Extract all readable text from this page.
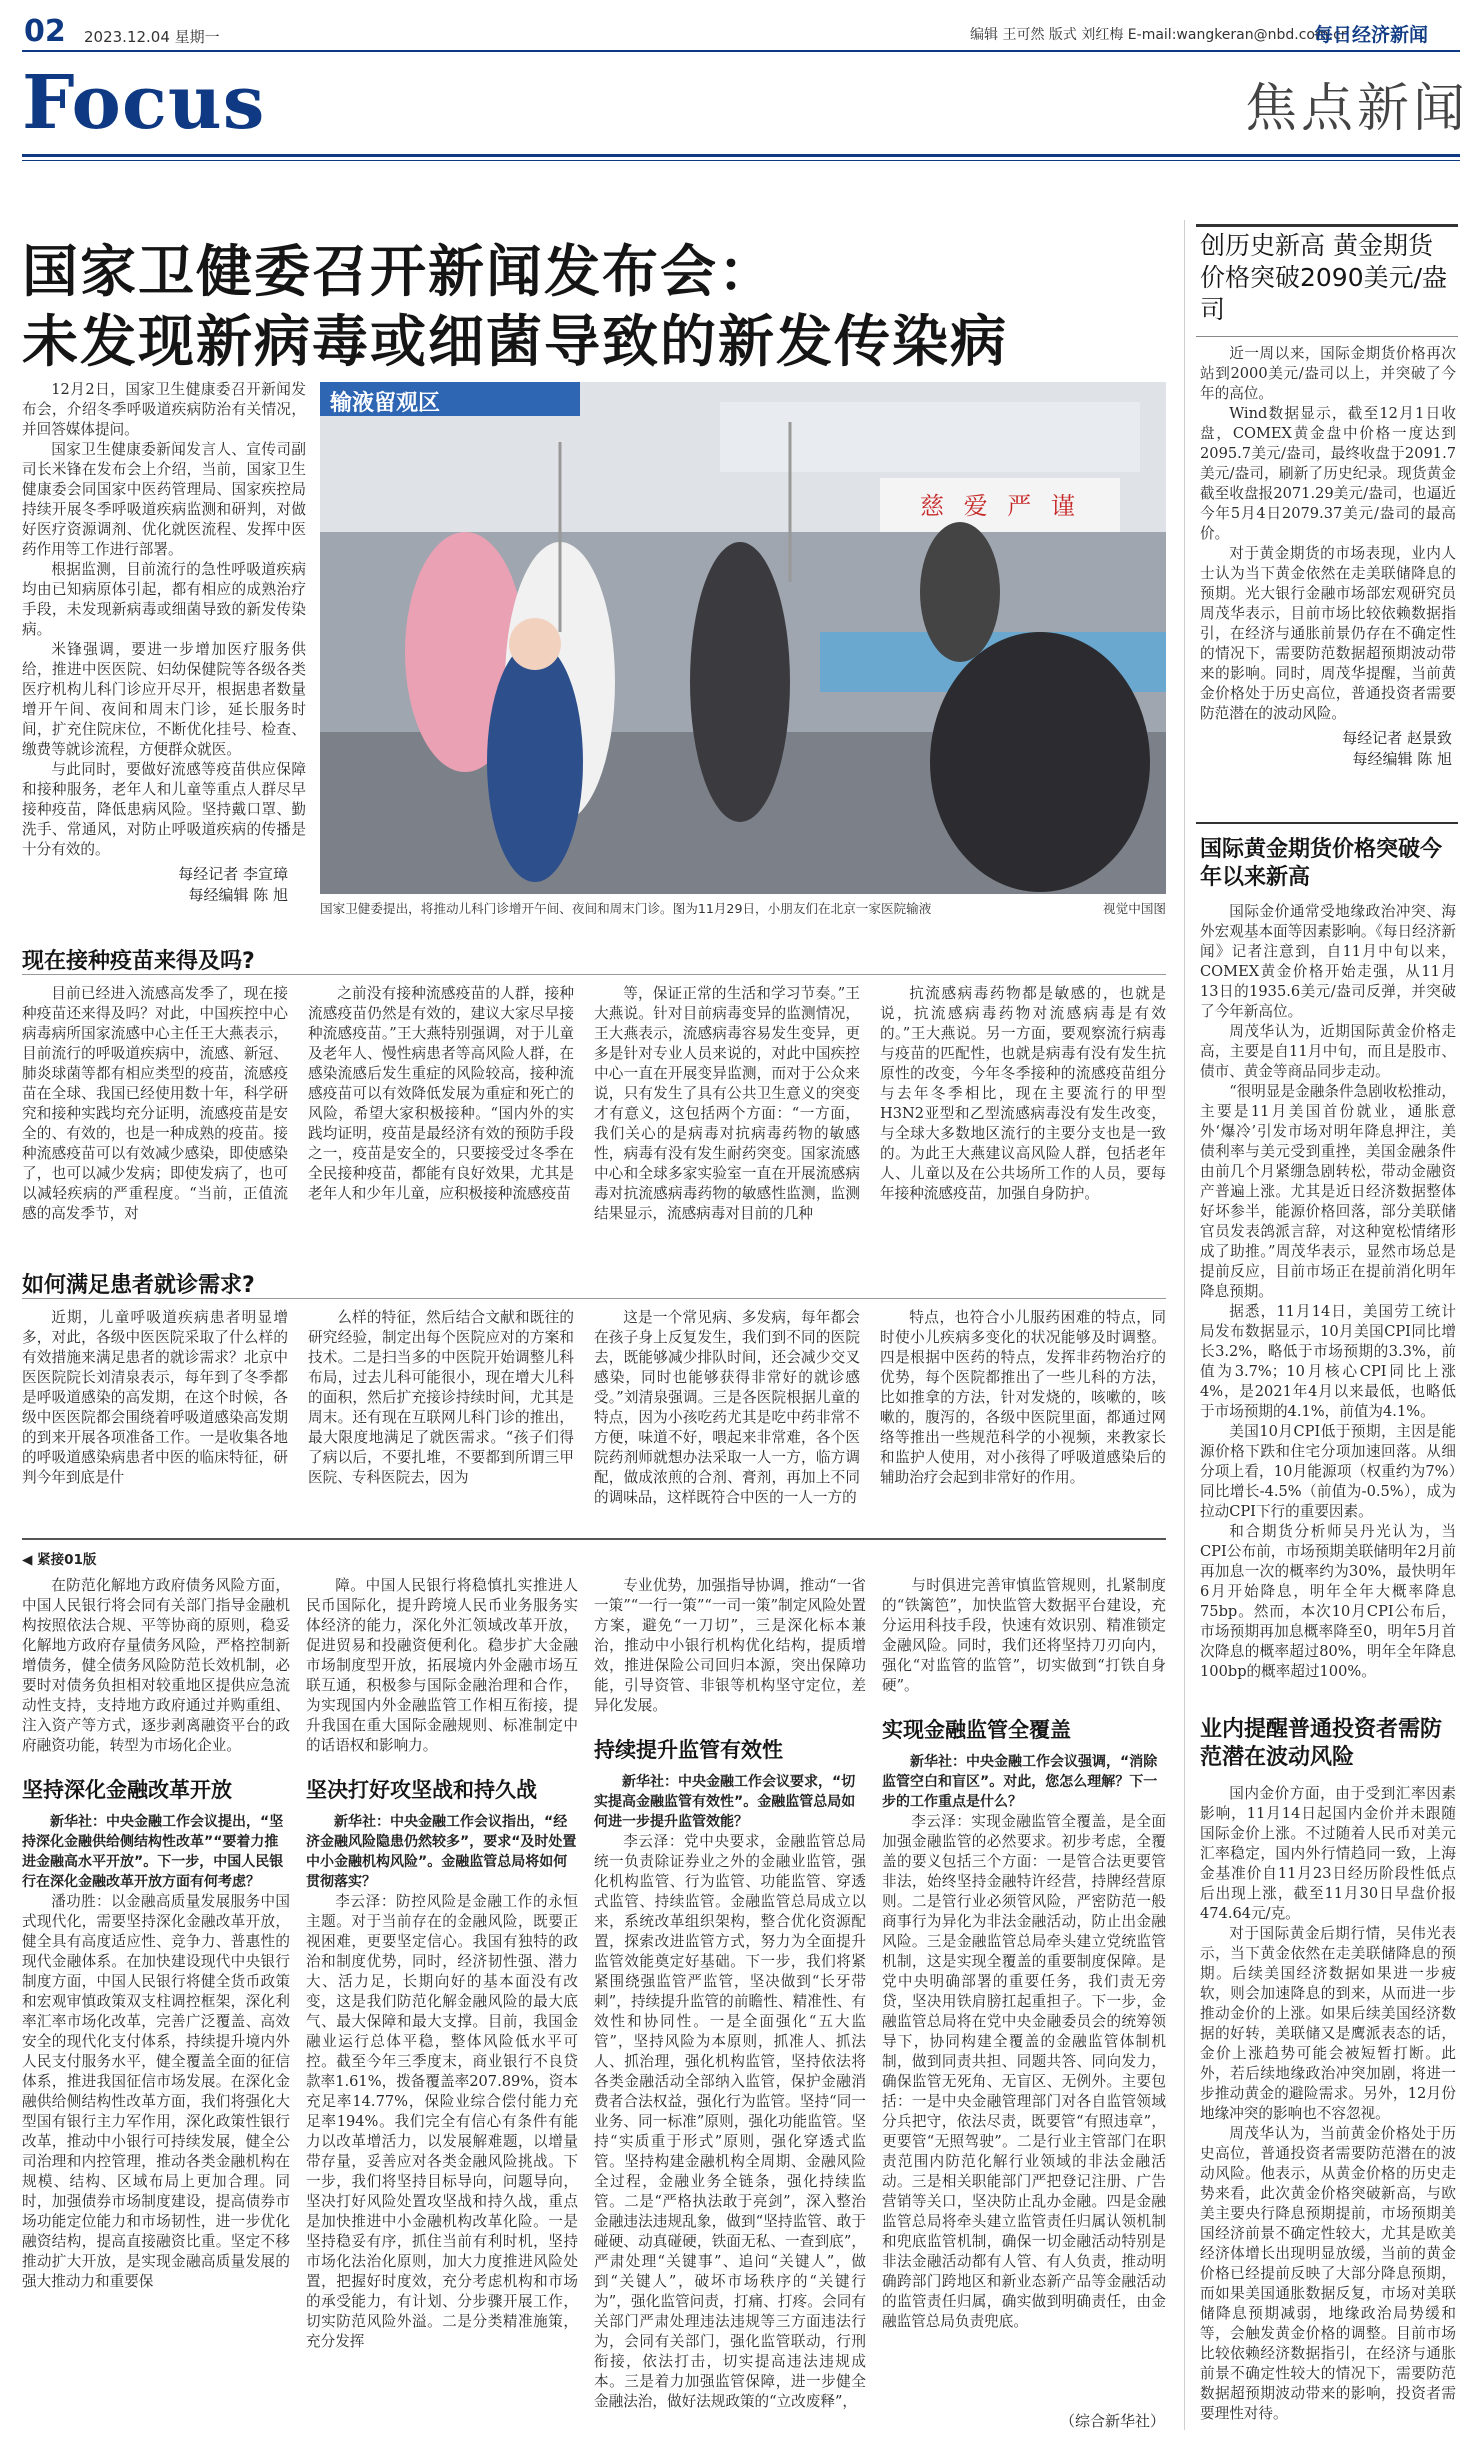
02 2023.12.04 星期一	编辑 王可然 版式 刘红梅 E-mail:wangkeran@nbd.com.cn
每日经济新闻
Focus	焦点新闻
国家卫健委召开新闻发布会：
未发现新病毒或细菌导致的新发传染病

12月2日，国家卫生健康委召开新闻发布会，介绍冬季呼吸道疾病防治有关情况，并回答媒体提问。

国家卫生健康委新闻发言人、宣传司副司长米锋在发布会上介绍，当前，国家卫生健康委会同国家中医药管理局、国家疾控局持续开展冬季呼吸道疾病监测和研判，对做好医疗资源调剂、优化就医流程、发挥中医药作用等工作进行部署。

根据监测，目前流行的急性呼吸道疾病均由已知病原体引起，都有相应的成熟治疗手段，未发现新病毒或细菌导致的新发传染病。

米锋强调，要进一步增加医疗服务供给，推进中医医院、妇幼保健院等各级各类医疗机构儿科门诊应开尽开，根据患者数量增开午间、夜间和周末门诊，延长服务时间，扩充住院床位，不断优化挂号、检查、缴费等就诊流程，方便群众就医。

与此同时，要做好流感等疫苗供应保障和接种服务，老年人和儿童等重点人群尽早接种疫苗，降低患病风险。坚持戴口罩、勤洗手、常通风，对防止呼吸道疾病的传播是十分有效的。

每经记者 李宣璋
每经编辑 陈 旭
输液留观区
慈 爱 严 谨
国家卫健委提出，将推动儿科门诊增开午间、夜间和周末门诊。图为11月29日，小朋友们在北京一家医院输液	视觉中国图
现在接种疫苗来得及吗?

目前已经进入流感高发季了，现在接种疫苗还来得及吗？对此，中国疾控中心病毒病所国家流感中心主任王大燕表示，目前流行的呼吸道疾病中，流感、新冠、肺炎球菌等都有相应类型的疫苗，流感疫苗在全球、我国已经使用数十年，科学研究和接种实践均充分证明，流感疫苗是安全的、有效的，也是一种成熟的疫苗。接种流感疫苗可以有效减少感染，即使感染了，也可以减少发病；即使发病了，也可以减轻疾病的严重程度。“当前，正值流感的高发季节，对

之前没有接种流感疫苗的人群，接种流感疫苗仍然是有效的，建议大家尽早接种流感疫苗。”王大燕特别强调，对于儿童及老年人、慢性病患者等高风险人群，在感染流感后发生重症的风险较高，接种流感疫苗可以有效降低发展为重症和死亡的风险，希望大家积极接种。“国内外的实践均证明，疫苗是最经济有效的预防手段之一，疫苗是安全的，只要接受过冬季在全民接种疫苗，都能有良好效果，尤其是老年人和少年儿童，应积极接种流感疫苗

等，保证正常的生活和学习节奏。”王大燕说。针对目前病毒变异的监测情况，王大燕表示，流感病毒容易发生变异，更多是针对专业人员来说的，对此中国疾控中心一直在开展变异监测，而对于公众来说，只有发生了具有公共卫生意义的突变才有意义，这包括两个方面：“一方面，我们关心的是病毒对抗病毒药物的敏感性，病毒有没有发生耐药突变。国家流感中心和全球多家实验室一直在开展流感病毒对抗流感病毒药物的敏感性监测，监测结果显示，流感病毒对目前的几种

抗流感病毒药物都是敏感的，也就是说，抗流感病毒药物对流感病毒是有效的。”王大燕说。另一方面，要观察流行病毒与疫苗的匹配性，也就是病毒有没有发生抗原性的改变，今年冬季接种的流感疫苗组分与去年冬季相比，现在主要流行的甲型H3N2亚型和乙型流感病毒没有发生改变，与全球大多数地区流行的主要分支也是一致的。为此王大燕建议高风险人群，包括老年人、儿童以及在公共场所工作的人员，要每年接种流感疫苗，加强自身防护。

如何满足患者就诊需求?

近期，儿童呼吸道疾病患者明显增多，对此，各级中医医院采取了什么样的有效措施来满足患者的就诊需求？北京中医医院院长刘清泉表示，每年到了冬季都是呼吸道感染的高发期，在这个时候，各级中医医院都会围绕着呼吸道感染高发期的到来开展各项准备工作。一是收集各地的呼吸道感染病患者中医的临床特征，研判今年到底是什

么样的特征，然后结合文献和既往的研究经验，制定出每个医院应对的方案和技术。二是扫当多的中医院开始调整儿科布局，过去儿科可能很小，现在增大儿科的面积，然后扩充接诊持续时间，尤其是周末。还有现在互联网儿科门诊的推出，最大限度地满足了就医需求。“孩子们得了病以后，不要扎堆，不要都到所谓三甲医院、专科医院去，因为

这是一个常见病、多发病，每年都会在孩子身上反复发生，我们到不同的医院去，既能够减少排队时间，还会减少交叉感染，同时也能够获得非常好的就诊感受。”刘清泉强调。三是各医院根据儿童的特点，因为小孩吃药尤其是吃中药非常不方便，味道不好，喂起来非常难，各个医院药剂师就想办法采取一人一方，临方调配，做成浓煎的合剂、膏剂，再加上不同的调味品，这样既符合中医的一人一方的

特点，也符合小儿服药困难的特点，同时使小儿疾病多变化的状况能够及时调整。四是根据中医药的特点，发挥非药物治疗的优势，每个医院都推出了一些儿科的方法，比如推拿的方法，针对发烧的，咳嗽的，咳嗽的，腹泻的，各级中医院里面，都通过网络等推出一些规范科学的小视频，来教家长和监护人使用，对小孩得了呼吸道感染后的辅助治疗会起到非常好的作用。

◀ 紧接01版

在防范化解地方政府债务风险方面，中国人民银行将会同有关部门指导金融机构按照依法合规、平等协商的原则，稳妥化解地方政府存量债务风险，严格控制新增债务，健全债务风险防范长效机制，必要时对债务负担相对较重地区提供应急流动性支持，支持地方政府通过并购重组、注入资产等方式，逐步剥离融资平台的政府融资功能，转型为市场化企业。

坚持深化金融改革开放
新华社：中央金融工作会议提出，“坚持深化金融供给侧结构性改革”“要着力推进金融高水平开放”。下一步，中国人民银行在深化金融改革开放方面有何考虑？

潘功胜：以金融高质量发展服务中国式现代化，需要坚持深化金融改革开放，健全具有高度适应性、竞争力、普惠性的现代金融体系。在加快建设现代中央银行制度方面，中国人民银行将健全货币政策和宏观审慎政策双支柱调控框架，深化利率汇率市场化改革，完善广泛覆盖、高效安全的现代化支付体系，持续提升境内外人民支付服务水平，健全覆盖全面的征信体系，推进我国征信市场发展。在深化金融供给侧结构性改革方面，我们将强化大型国有银行主力军作用，深化政策性银行改革，推动中小银行可持续发展，健全公司治理和内控管理，推动各类金融机构在规模、结构、区域布局上更加合理。同时，加强债券市场制度建设，提高债券市场功能定位能力和市场韧性，进一步优化融资结构，提高直接融资比重。坚定不移推动扩大开放，是实现金融高质量发展的强大推动力和重要保

障。中国人民银行将稳慎扎实推进人民币国际化，提升跨境人民币业务服务实体经济的能力，深化外汇领域改革开放，促进贸易和投融资便利化。稳步扩大金融市场制度型开放，拓展境内外金融市场互联互通，积极参与国际金融治理和合作，为实现国内外金融监管工作相互衔接，提升我国在重大国际金融规则、标准制定中的话语权和影响力。

坚决打好攻坚战和持久战
新华社：中央金融工作会议指出，“经济金融风险隐患仍然较多”，要求“及时处置中小金融机构风险”。金融监管总局将如何贯彻落实？

李云泽：防控风险是金融工作的永恒主题。对于当前存在的金融风险，既要正视困难，更要坚定信心。我国有独特的政治和制度优势，同时，经济韧性强、潜力大、活力足，长期向好的基本面没有改变，这是我们防范化解金融风险的最大底气、最大保障和最大支撑。目前，我国金融业运行总体平稳，整体风险低水平可控。截至今年三季度末，商业银行不良贷款率1.61%，拨备覆盖率207.89%，资本充足率14.77%，保险业综合偿付能力充足率194%。我们完全有信心有条件有能力以改革增活力，以发展解难题，以增量带存量，妥善应对各类金融风险挑战。下一步，我们将坚持目标导向，问题导向，坚决打好风险处置攻坚战和持久战，重点是加快推进中小金融机构改革化险。一是坚持稳妥有序，抓住当前有利时机，坚持市场化法治化原则，加大力度推进风险处置，把握好时度效，充分考虑机构和市场的承受能力，有计划、分步骤开展工作，切实防范风险外溢。二是分类精准施策，充分发挥

专业优势，加强指导协调，推动“一省一策”“一行一策”“一司一策”制定风险处置方案，避免“一刀切”，三是深化标本兼治，推动中小银行机构优化结构，提质增效，推进保险公司回归本源，突出保障功能，引导资管、非银等机构坚守定位，差异化发展。

持续提升监管有效性
新华社：中央金融工作会议要求，“切实提高金融监管有效性”。金融监管总局如何进一步提升监管效能？

李云泽：党中央要求，金融监管总局统一负责除证券业之外的金融业监管，强化机构监管、行为监管、功能监管、穿透式监管、持续监管。金融监管总局成立以来，系统改革组织架构，整合优化资源配置，探索改进监管方式，努力为全面提升监管效能奠定好基础。下一步，我们将紧紧围绕强监管严监管，坚决做到“长牙带刺”，持续提升监管的前瞻性、精准性、有效性和协同性。一是全面强化“五大监管”，坚持风险为本原则，抓准人、抓法人、抓治理，强化机构监管，坚持依法将各类金融活动全部纳入监管，保护金融消费者合法权益，强化行为监管。坚持“同一业务、同一标准”原则，强化功能监管。坚持“实质重于形式”原则，强化穿透式监管。坚持构建金融机构全周期、金融风险全过程，金融业务全链条，强化持续监管。二是“严格执法敢于亮剑”，深入整治金融违法违规乱象，做到“坚持监管、敢于碰硬、动真碰硬，铁面无私、一查到底”，严肃处理“关键事”、追问“关键人”，做到“关键人”，破坏市场秩序的“关键行为”，强化监管问责，打痛、打疼。会同有关部门严肃处理违法违规等三方面违法行为，会同有关部门，强化监管联动，行刑衔接，依法打击，切实提高违法违规成本。三是着力加强监管保障，进一步健全金融法治，做好法规政策的“立改废释”，

与时俱进完善审慎监管规则，扎紧制度的“铁篱笆”，加快监管大数据平台建设，充分运用科技手段，快速有效识别、精准锁定金融风险。同时，我们还将坚持刀刃向内，强化“对监管的监管”，切实做到“打铁自身硬”。

实现金融监管全覆盖
新华社：中央金融工作会议强调，“消除监管空白和盲区”。对此，您怎么理解？下一步的工作重点是什么？

李云泽：实现金融监管全覆盖，是全面加强金融监管的必然要求。初步考虑，全覆盖的要义包括三个方面：一是管合法更要管非法，始终坚持金融特许经营，持牌经营原则。二是管行业必须管风险，严密防范一般商事行为异化为非法金融活动，防止出金融风险。三是金融监管总局牵头建立党统监管机制，这是实现全覆盖的重要制度保障。是党中央明确部署的重要任务，我们责无旁贷，坚决用铁肩膀扛起重担子。下一步，金融监管总局将在党中央金融委员会的统筹领导下，协同构建全覆盖的金融监管体制机制，做到同责共担、同题共答、同向发力，确保监管无死角、无盲区、无例外。主要包括：一是中央金融管理部门对各自监管领域分兵把守，依法尽责，既要管“有照违章”，更要管“无照驾驶”。二是行业主管部门在职责范围内防范化解行业领域的非法金融活动。三是相关职能部门严把登记注册、广告营销等关口，坚决防止乱办金融。四是金融监管总局将牵头建立监管责任归属认领机制和兜底监管机制，确保一切金融活动特别是非法金融活动都有人管、有人负责，推动明确跨部门跨地区和新业态新产品等金融活动的监管责任归属，确实做到明确责任，由金融监管总局负责兜底。

（综合新华社）
创历史新高 黄金期货价格突破2090美元/盎司

近一周以来，国际金期货价格再次站到2000美元/盎司以上，并突破了今年的高位。

Wind数据显示，截至12月1日收盘，COMEX黄金盘中价格一度达到2095.7美元/盎司，最终收盘于2091.7美元/盎司，刷新了历史纪录。现货黄金截至收盘报2071.29美元/盎司，也逼近今年5月4日2079.37美元/盎司的最高价。

对于黄金期货的市场表现，业内人士认为当下黄金依然在走美联储降息的预期。光大银行金融市场部宏观研究员周茂华表示，目前市场比较依赖数据指引，在经济与通胀前景仍存在不确定性的情况下，需要防范数据超预期波动带来的影响。同时，周茂华提醒，当前黄金价格处于历史高位，普通投资者需要防范潜在的波动风险。

每经记者 赵景致
每经编辑 陈 旭
国际黄金期货价格突破今年以来新高

国际金价通常受地缘政治冲突、海外宏观基本面等因素影响。《每日经济新闻》记者注意到，自11月中旬以来，COMEX黄金价格开始走强，从11月13日的1935.6美元/盎司反弹，并突破了今年新高位。

周茂华认为，近期国际黄金价格走高，主要是自11月中旬，而且是股市、债市、黄金等商品同步走动。

“很明显是金融条件急剧收松推动，主要是11月美国首份就业，通胀意外‘爆冷’引发市场对明年降息押注，美债利率与美元受到重挫，美国金融条件由前几个月紧绷急剧转松，带动金融资产普遍上涨。尤其是近日经济数据整体好坏参半，能源价格回落，部分美联储官员发表鸽派言辞，对这种宽松情绪形成了助推。”周茂华表示，显然市场总是提前反应，目前市场正在提前消化明年降息预期。

据悉，11月14日，美国劳工统计局发布数据显示，10月美国CPI同比增长3.2%，略低于市场预期的3.3%，前值为3.7%；10月核心CPI同比上涨4%，是2021年4月以来最低，也略低于市场预期的4.1%，前值为4.1%。

美国10月CPI低于预期，主因是能源价格下跌和住宅分项加速回落。从细分项上看，10月能源项（权重约为7%）同比增长-4.5%（前值为-0.5%），成为拉动CPI下行的重要因素。

和合期货分析师吴丹光认为，当CPI公布前，市场预期美联储明年2月前再加息一次的概率约为30%，最快明年6月开始降息，明年全年大概率降息75bp。然而，本次10月CPI公布后，市场预期再加息概率降至0，明年5月首次降息的概率超过80%，明年全年降息100bp的概率超过100%。

业内提醒普通投资者需防范潜在波动风险

国内金价方面，由于受到汇率因素影响，11月14日起国内金价并未跟随国际金价上涨。不过随着人民币对美元汇率稳定，国内外行情趋同一致，上海金基准价自11月23日经历阶段性低点后出现上涨，截至11月30日早盘价报474.64元/克。

对于国际黄金后期行情，吴伟光表示，当下黄金依然在走美联储降息的预期。后续美国经济数据如果进一步疲软，则会加速降息的到来，从而进一步推动金价的上涨。如果后续美国经济数据的好转，美联储又是鹰派表态的话，金价上涨趋势可能会被短暂打断。此外，若后续地缘政治冲突加剧，将进一步推动黄金的避险需求。另外，12月份地缘冲突的影响也不容忽视。

周茂华认为，当前黄金价格处于历史高位，普通投资者需要防范潜在的波动风险。他表示，从黄金价格的历史走势来看，此次黄金价格突破新高，与欧美主要央行降息预期提前，市场预期美国经济前景不确定性较大，尤其是欧美经济体增长出现明显放缓，当前的黄金价格已经提前反映了大部分降息预期，而如果美国通胀数据反复，市场对美联储降息预期减弱，地缘政治局势缓和等，会触发黄金价格的调整。目前市场比较依赖经济数据指引，在经济与通胀前景不确定性较大的情况下，需要防范数据超预期波动带来的影响，投资者需要理性对待。
